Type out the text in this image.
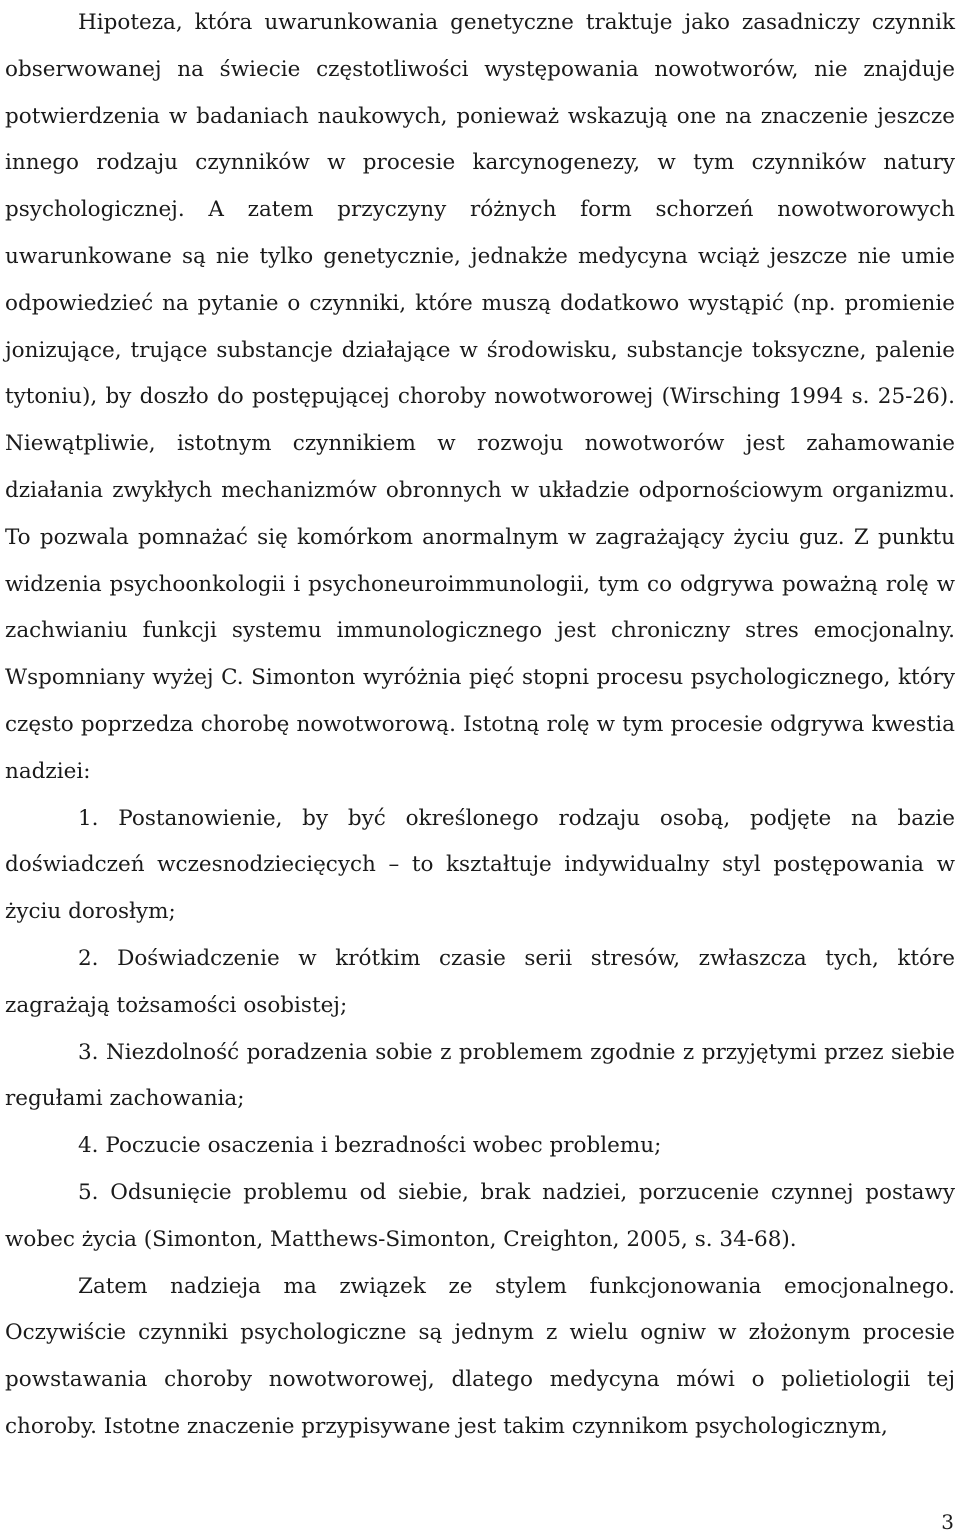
Hipoteza, która uwarunkowania genetyczne traktuje jako zasadniczy czynnik obserwowanej na świecie częstotliwości występowania nowotworów, nie znajduje potwierdzenia w badaniach naukowych, ponieważ wskazują one na znaczenie jeszcze innego rodzaju czynników w procesie karcynogenezy, w tym czynników natury psychologicznej. A zatem przyczyny różnych form schorzeń nowotworowych uwarunkowane są nie tylko genetycznie, jednakże medycyna wciąż jeszcze nie umie odpowiedzieć na pytanie o czynniki, które muszą dodatkowo wystąpić (np. promienie jonizujące, trujące substancje działające w środowisku, substancje toksyczne, palenie tytoniu), by doszło do postępującej choroby nowotworowej (Wirsching 1994 s. 25-26). Niewątpliwie, istotnym czynnikiem w rozwoju nowotworów jest zahamowanie działania zwykłych mechanizmów obronnych w układzie odpornościowym organizmu. To pozwala pomnażać się komórkom anormalnym w zagrażający życiu guz. Z punktu widzenia psychoonkologii i psychoneuroimmunologii, tym co odgrywa poważną rolę w zachwianiu funkcji systemu immunologicznego jest chroniczny stres emocjonalny. Wspomniany wyżej C. Simonton wyróżnia pięć stopni procesu psychologicznego, który często poprzedza chorobę nowotworową. Istotną rolę w tym procesie odgrywa kwestia nadziei:

1. Postanowienie, by być określonego rodzaju osobą, podjęte na bazie doświadczeń wczesnodziecięcych – to kształtuje indywidualny styl postępowania w życiu dorosłym;

2. Doświadczenie w krótkim czasie serii stresów, zwłaszcza tych, które zagrażają tożsamości osobistej;

3. Niezdolność poradzenia sobie z problemem zgodnie z przyjętymi przez siebie regułami zachowania;

4. Poczucie osaczenia i bezradności wobec problemu;

5. Odsunięcie problemu od siebie, brak nadziei, porzucenie czynnej postawy wobec życia (Simonton, Matthews-Simonton, Creighton, 2005, s. 34-68).

Zatem nadzieja ma związek ze stylem funkcjonowania emocjonalnego. Oczywiście czynniki psychologiczne są jednym z wielu ogniw w złożonym procesie powstawania choroby nowotworowej, dlatego medycyna mówi o polietiologii tej choroby. Istotne znaczenie przypisywane jest takim czynnikom psychologicznym,

3
